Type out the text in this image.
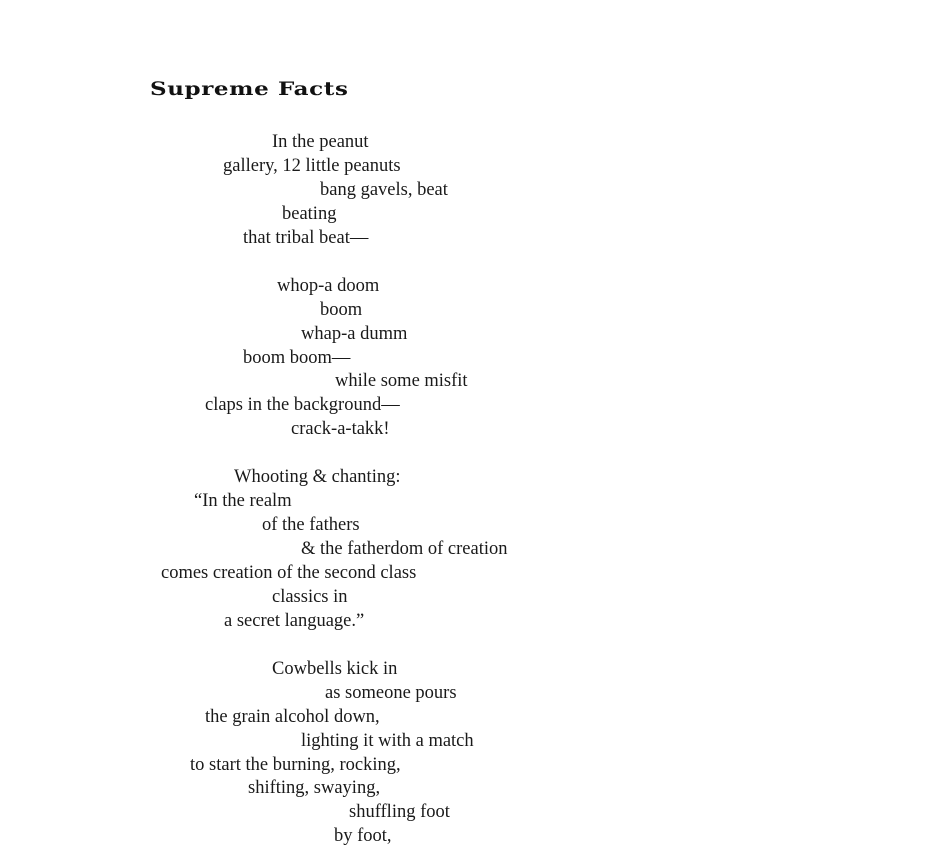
Supreme Facts
In the peanut
gallery, 12 little peanuts
bang gavels, beat
beating
that tribal beat—
whop-a doom
boom
whap-a dumm
boom boom—
while some misfit
claps in the background—
crack-a-takk!
Whooting & chanting:
“In the realm
of the fathers
& the fatherdom of creation
comes creation of the second class
classics in
a secret language.”
Cowbells kick in
as someone pours
the grain alcohol down,
lighting it with a match
to start the burning, rocking,
shifting, swaying,
shuffling foot
by foot,
